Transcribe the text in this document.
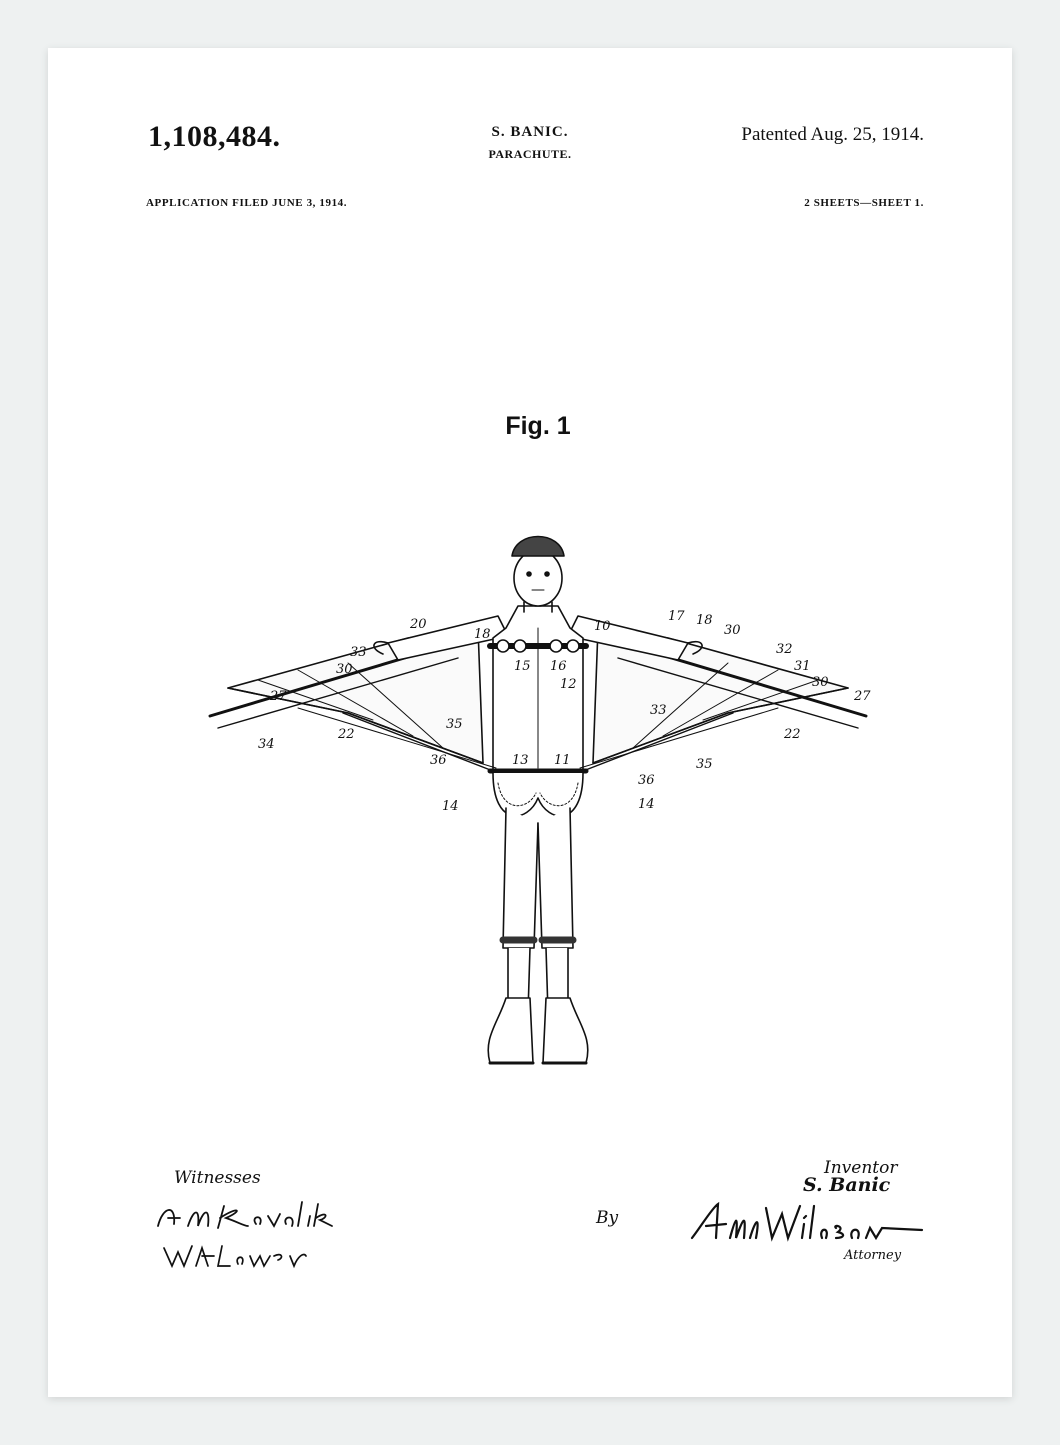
1,108,484.	S. BANIC.
PARACHUTE.
Patented Aug. 25, 1914.
APPLICATION FILED JUNE 3, 1914.	2 SHEETS—SHEET 1.
Fig. 1
20
18
33
30
27
22
34
35
36
10
17 18
30
32
31
30
27
22
33
35
12
11
13
15 16
36
14
14
Witnesses
By
Inventor
S. Banic
Attorney
